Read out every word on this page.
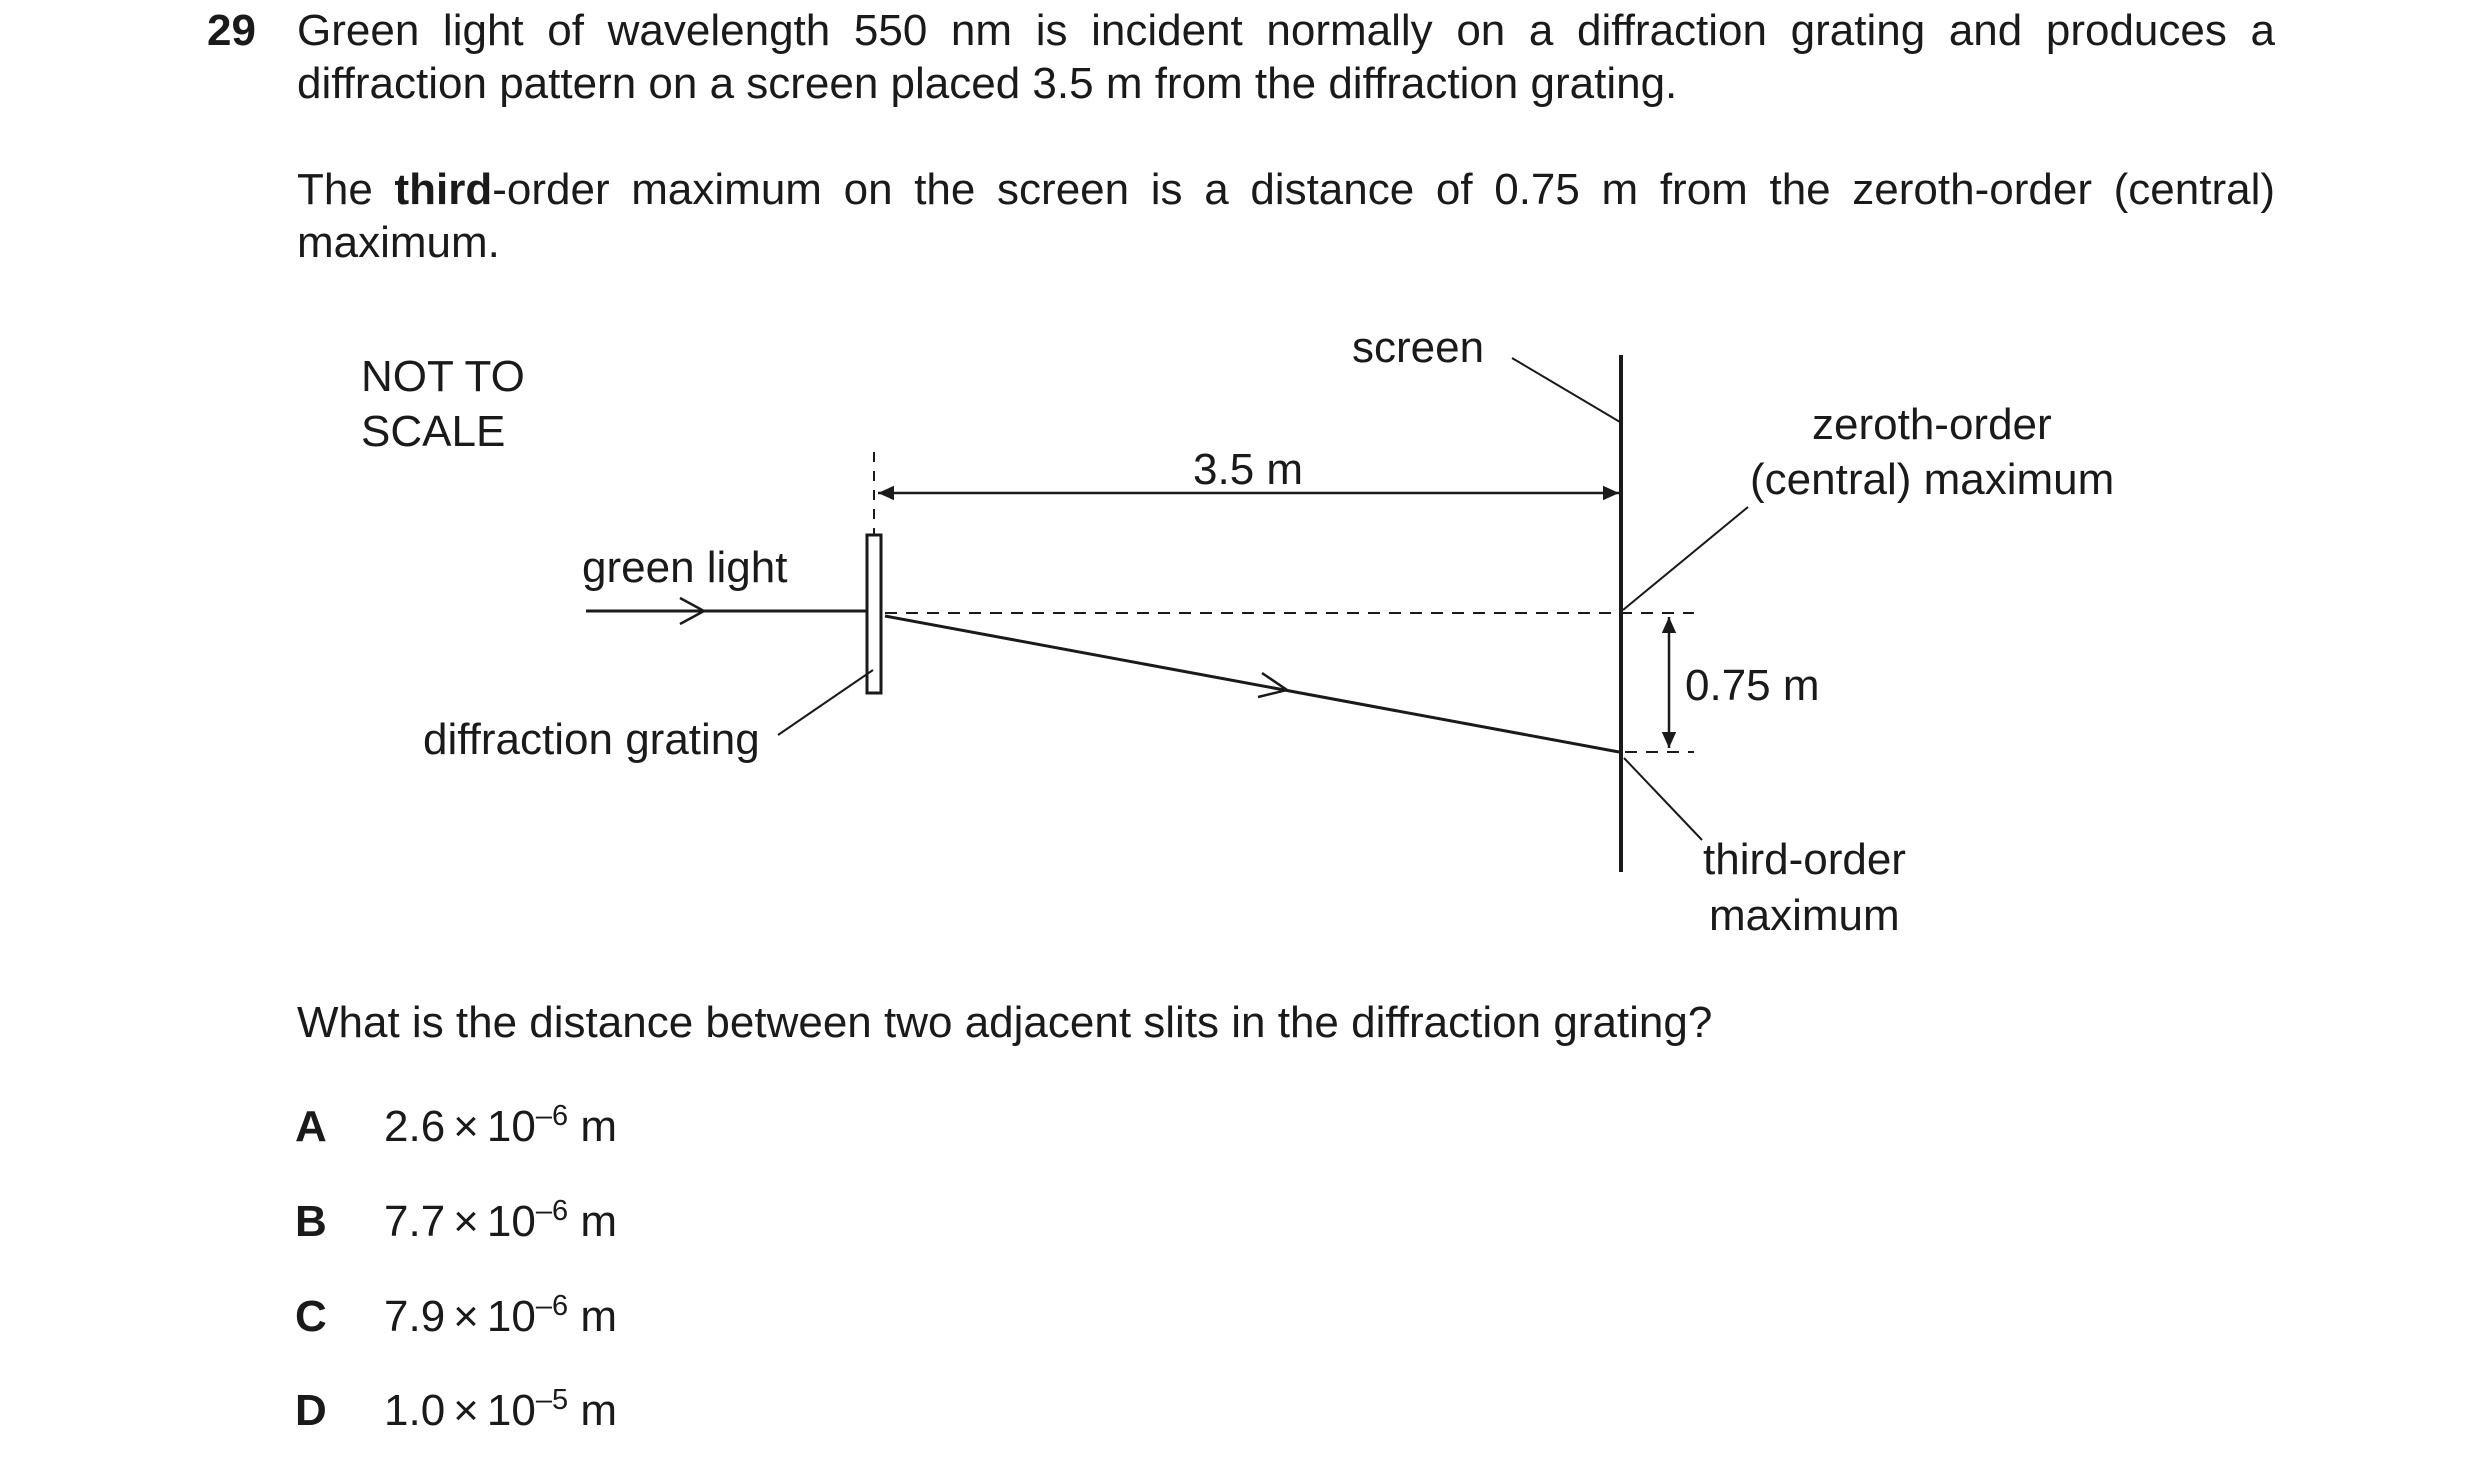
29 Green light of wavelength 550 nm is incident normally on a diffraction grating and produces a diffraction pattern on a screen placed 3.5 m from the diffraction grating.
The third-order maximum on the screen is a distance of 0.75 m from the zeroth-order (central) maximum.
NOT TO
SCALE
screen
3.5 m
zeroth-order
(central) maximum
green light
0.75 m
diffraction grating
third-order
maximum
What is the distance between two adjacent slits in the diffraction grating?
A $2.6 \times 10^{-6}$ m
B $7.7 \times 10^{-6}$ m
C $7.9 \times 10^{-6}$ m
D $1.0 \times 10^{-5}$ m
